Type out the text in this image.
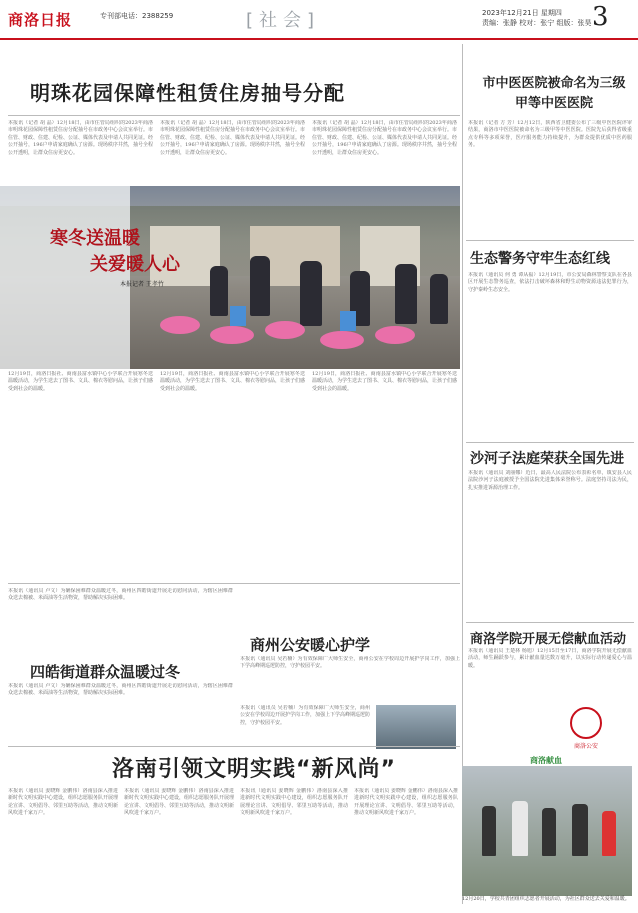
商洛日报	专刊部电话：2388259	[社会]	2023年12月21日 星期四
责编：张静 校对：张宁 组版：张昊 3
明珠花园保障性租赁住房抽号分配
本报讯（记者 胡 晶）12月18日，由市住管局组织的2023年商洛市明珠花园保障性租赁住房分配抽号在市政务中心会议室举行。市住管、财政、住建、纪检、公证、媒体代表及申请人共同见证。经公开抽号，196户申请家庭确认了房源。现场秩序井然，抽号全程公开透明，让群众住房更安心。
本报讯（记者 胡 晶）12月18日，由市住管局组织的2023年商洛市明珠花园保障性租赁住房分配抽号在市政务中心会议室举行。市住管、财政、住建、纪检、公证、媒体代表及申请人共同见证。经公开抽号，196户申请家庭确认了房源。现场秩序井然，抽号全程公开透明，让群众住房更安心。
本报讯（记者 胡 晶）12月18日，由市住管局组织的2023年商洛市明珠花园保障性租赁住房分配抽号在市政务中心会议室举行。市住管、财政、住建、纪检、公证、媒体代表及申请人共同见证。经公开抽号，196户申请家庭确认了房源。现场秩序井然，抽号全程公开透明，让群众住房更安心。
寒冬送温暖
关爱暖人心
本报记者 王孝竹
12月19日，商洛日报社、商南县富水镇中心小学联合开展寒冬送温暖活动，为学生送去了图书、文具、棉衣等慰问品，让孩子们感受到社会的温暖。
12月19日，商洛日报社、商南县富水镇中心小学联合开展寒冬送温暖活动，为学生送去了图书、文具、棉衣等慰问品，让孩子们感受到社会的温暖。
12月19日，商洛日报社、商南县富水镇中心小学联合开展寒冬送温暖活动，为学生送去了图书、文具、棉衣等慰问品，让孩子们感受到社会的温暖。
市中医医院被命名为三级甲等中医医院
本报讯（记者 方 芳）12月12日，陕西省卫健委公布了三级中医医院评审结果，商洛市中医医院被命名为三级甲等中医医院。医院先后获得省级重点专科等多项荣誉，医疗服务能力持续提升，为群众提供优质中医药服务。
生态警务守牢生态红线
本报讯（通讯员 何 勇 谭从福）12月19日，市公安局森林警察支队在各县区开展生态警务巡查，依法打击破坏森林和野生动物资源违法犯罪行为，守护秦岭生态安全。
沙河子法庭荣获全国先进
本报讯（通讯员 刘丽娜）近日，最高人民法院公布表彰名单，镇安县人民法院沙河子法庭被授予全国法院先进集体荣誉称号。法庭坚持司法为民，扎实推进诉源治理工作。
商洛学院开展无偿献血活动
本报讯（通讯员 王楚林 杨旭）12月15日至17日，商洛学院开展无偿献血活动，师生踊跃参与，累计献血量达数万毫升，以实际行动传递爱心与温暖。
商洛献血
本报讯（通讯员 卢文）为确保困难群众温暖过冬，商州区四皓街道开展走访慰问活动，为辖区困难群众送去棉被、米面油等生活物资，帮助解决实际困难。
四皓街道群众温暖过冬
本报讯（通讯员 卢文）为确保困难群众温暖过冬，商州区四皓街道开展走访慰问活动，为辖区困难群众送去棉被、米面油等生活物资，帮助解决实际困难。
商州公安暖心护学
本报讯（通讯员 吴若楠）为有效保障广大师生安全，商州公安在学校周边开展护学岗工作，加强上下学高峰期巡逻防控，守护校园平安。
商洛公安
本报讯（通讯员 吴若楠）为有效保障广大师生安全，商州公安在学校周边开展护学岗工作，加强上下学高峰期巡逻防控，守护校园平安。
洛南引领文明实践“新风尚”
本报讯（通讯员 姜晓辉 金鹏伟）洛南县深入推进新时代文明实践中心建设，组织志愿服务队开展理论宣讲、文明倡导、邻里互助等活动，推动文明新风吹进千家万户。
本报讯（通讯员 姜晓辉 金鹏伟）洛南县深入推进新时代文明实践中心建设，组织志愿服务队开展理论宣讲、文明倡导、邻里互助等活动，推动文明新风吹进千家万户。
本报讯（通讯员 姜晓辉 金鹏伟）洛南县深入推进新时代文明实践中心建设，组织志愿服务队开展理论宣讲、文明倡导、邻里互助等活动，推动文明新风吹进千家万户。
本报讯（通讯员 姜晓辉 金鹏伟）洛南县深入推进新时代文明实践中心建设，组织志愿服务队开展理论宣讲、文明倡导、邻里互助等活动，推动文明新风吹进千家万户。
12月20日，学校共青团组织志愿者开展活动，为社区群众送去关爱和温暖。
